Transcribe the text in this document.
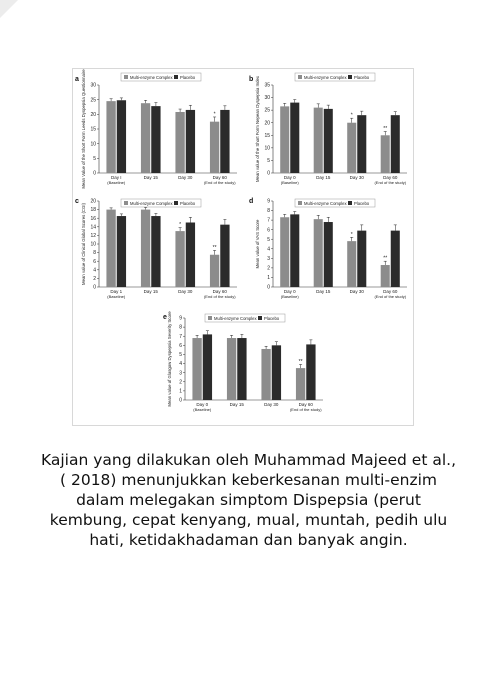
a	Multi-enzyme Complex Placebo
Mean Value of the Short Form Leeds Dyspepsia Questionnaire 0
5
10
15
20
25
30
Day I
(Baseline)
Day 15	Day 30
*
Day 60
(End of the study)
b	Multi-enzyme Complex Placebo
Mean value of the Short Form Nepean Dyspepsia Index 0
5
10
15
20
25
30
35
Day 0
(Baseline)
Day 15
*
Day 30
**
Day 60
(End of the study)
c	Multi-enzyme Complex Placebo
Mean value of Clinical Global Scores (CGI)
0
2
4
6
8
10
12
14
16
18
20
Day 1
(Baseline)
Day 15
*
Day 30
**
Day 60
(End of the study)
d	Multi-enzyme Complex Placebo
Mean value of VAS Score
0
1
2
3
4
5
6
7
8
9
Day 0
(Baseline)
Day 15
*
Day 30
**
Day 60
(End of the study)
e	Multi-enzyme Complex Placebo
Mean value of Glasgow Dyspepsia Severity Score 0
1
2
3
4
5
6
7
8
9
Day 0
(Baseline)
Day 15	Day 30
**
Day 60
(End of the study)
Kajian yang dilakukan oleh Muhammad Majeed et al.,( 2018) menunjukkan keberkesanan multi-enzim dalam melegakan simptom Dispepsia (perut kembung, cepat kenyang, mual, muntah, pedih ulu hati, ketidakhadaman dan banyak angin.
